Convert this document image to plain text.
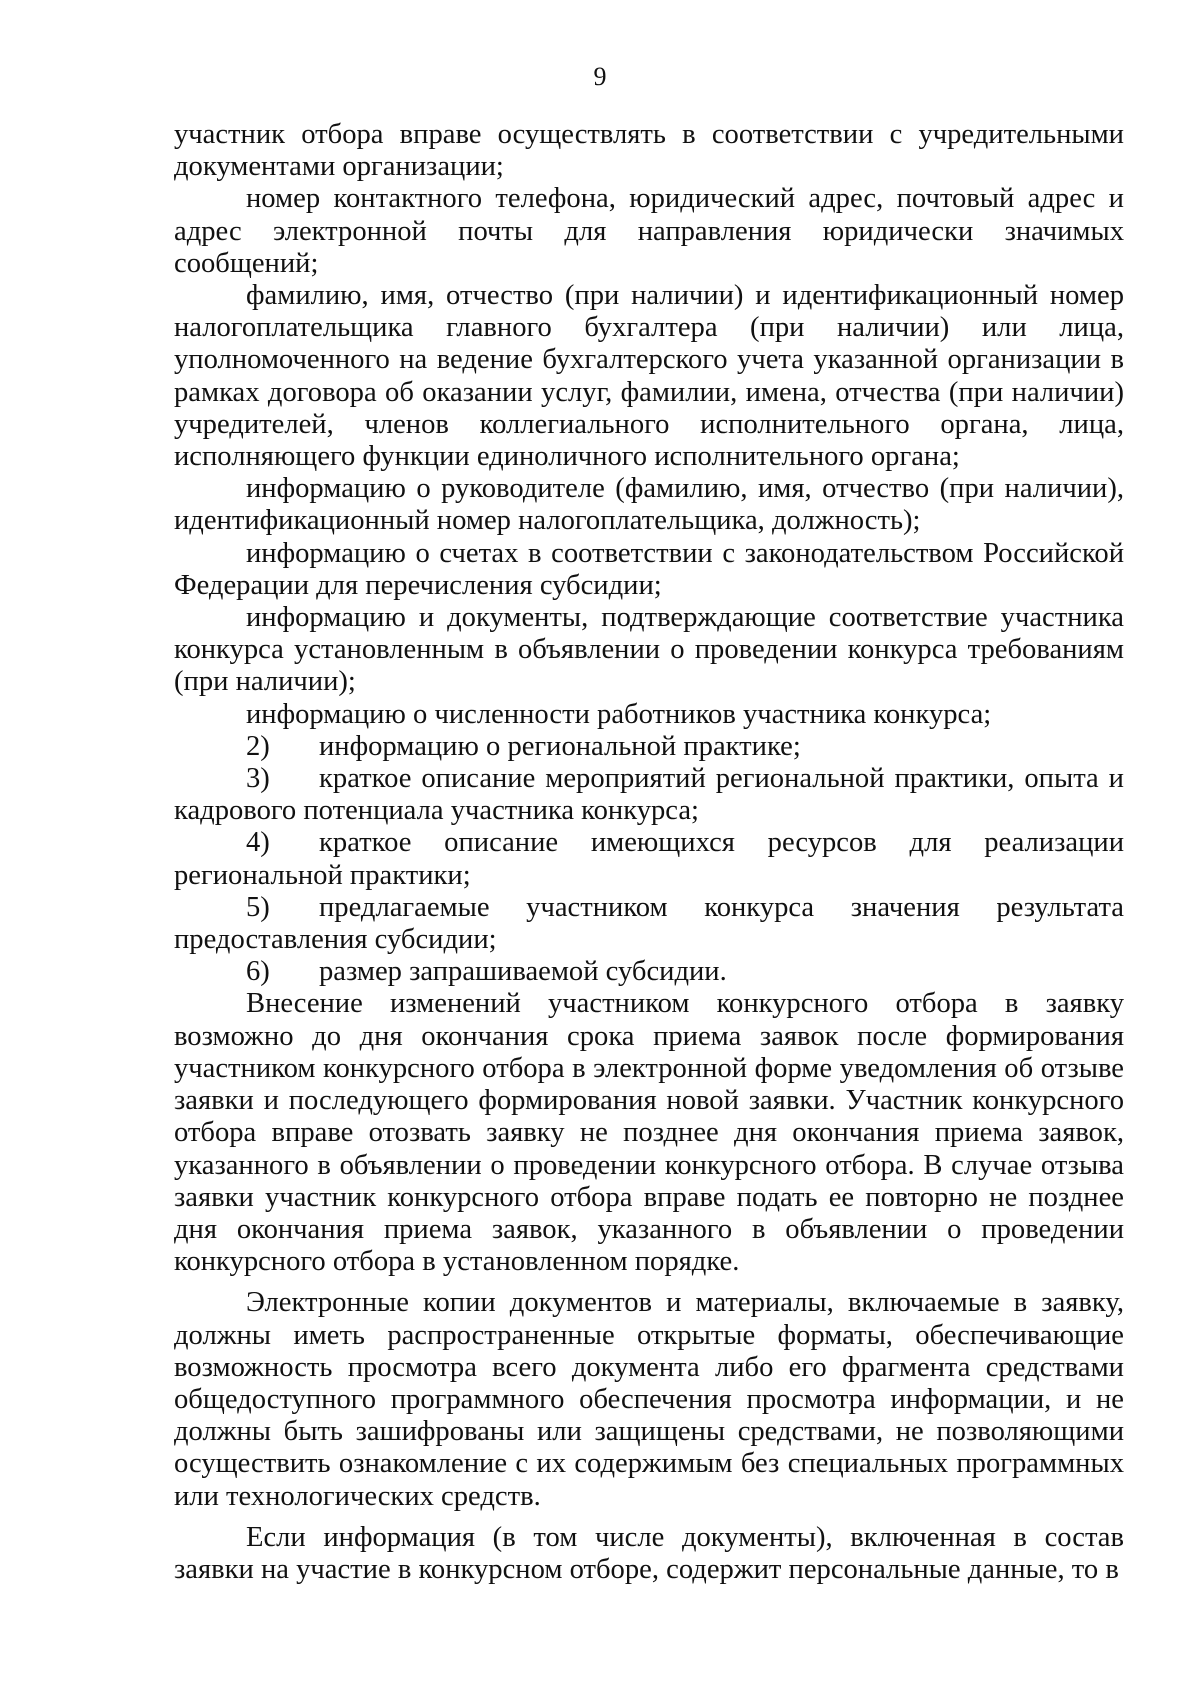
9

участник отбора вправе осуществлять в соответствии с учредительными документами организации;

номер контактного телефона, юридический адрес, почтовый адрес и адрес электронной почты для направления юридически значимых сообщений;

фамилию, имя, отчество (при наличии) и идентификационный номер налогоплательщика главного бухгалтера (при наличии) или лица, уполномоченного на ведение бухгалтерского учета указанной организации в рамках договора об оказании услуг, фамилии, имена, отчества (при наличии) учредителей, членов коллегиального исполнительного органа, лица, исполняющего функции единоличного исполнительного органа;

информацию о руководителе (фамилию, имя, отчество (при наличии), идентификационный номер налогоплательщика, должность);

информацию о счетах в соответствии с законодательством Российской Федерации для перечисления субсидии;

информацию и документы, подтверждающие соответствие участника конкурса установленным в объявлении о проведении конкурса требованиям (при наличии);

информацию о численности работников участника конкурса;

2) информацию о региональной практике;

3) краткое описание мероприятий региональной практики, опыта и кадрового потенциала участника конкурса;

4) краткое описание имеющихся ресурсов для реализации региональной практики;

5) предлагаемые участником конкурса значения результата предоставления субсидии;

6) размер запрашиваемой субсидии.

Внесение изменений участником конкурсного отбора в заявку возможно до дня окончания срока приема заявок после формирования участником конкурсного отбора в электронной форме уведомления об отзыве заявки и последующего формирования новой заявки. Участник конкурсного отбора вправе отозвать заявку не позднее дня окончания приема заявок, указанного в объявлении о проведении конкурсного отбора. В случае отзыва заявки участник конкурсного отбора вправе подать ее повторно не позднее дня окончания приема заявок, указанного в объявлении о проведении конкурсного отбора в установленном порядке.

Электронные копии документов и материалы, включаемые в заявку, должны иметь распространенные открытые форматы, обеспечивающие возможность просмотра всего документа либо его фрагмента средствами общедоступного программного обеспечения просмотра информации, и не должны быть зашифрованы или защищены средствами, не позволяющими осуществить ознакомление с их содержимым без специальных программных или технологических средств.

Если информация (в том числе документы), включенная в состав заявки на участие в конкурсном отборе, содержит персональные данные, то в
